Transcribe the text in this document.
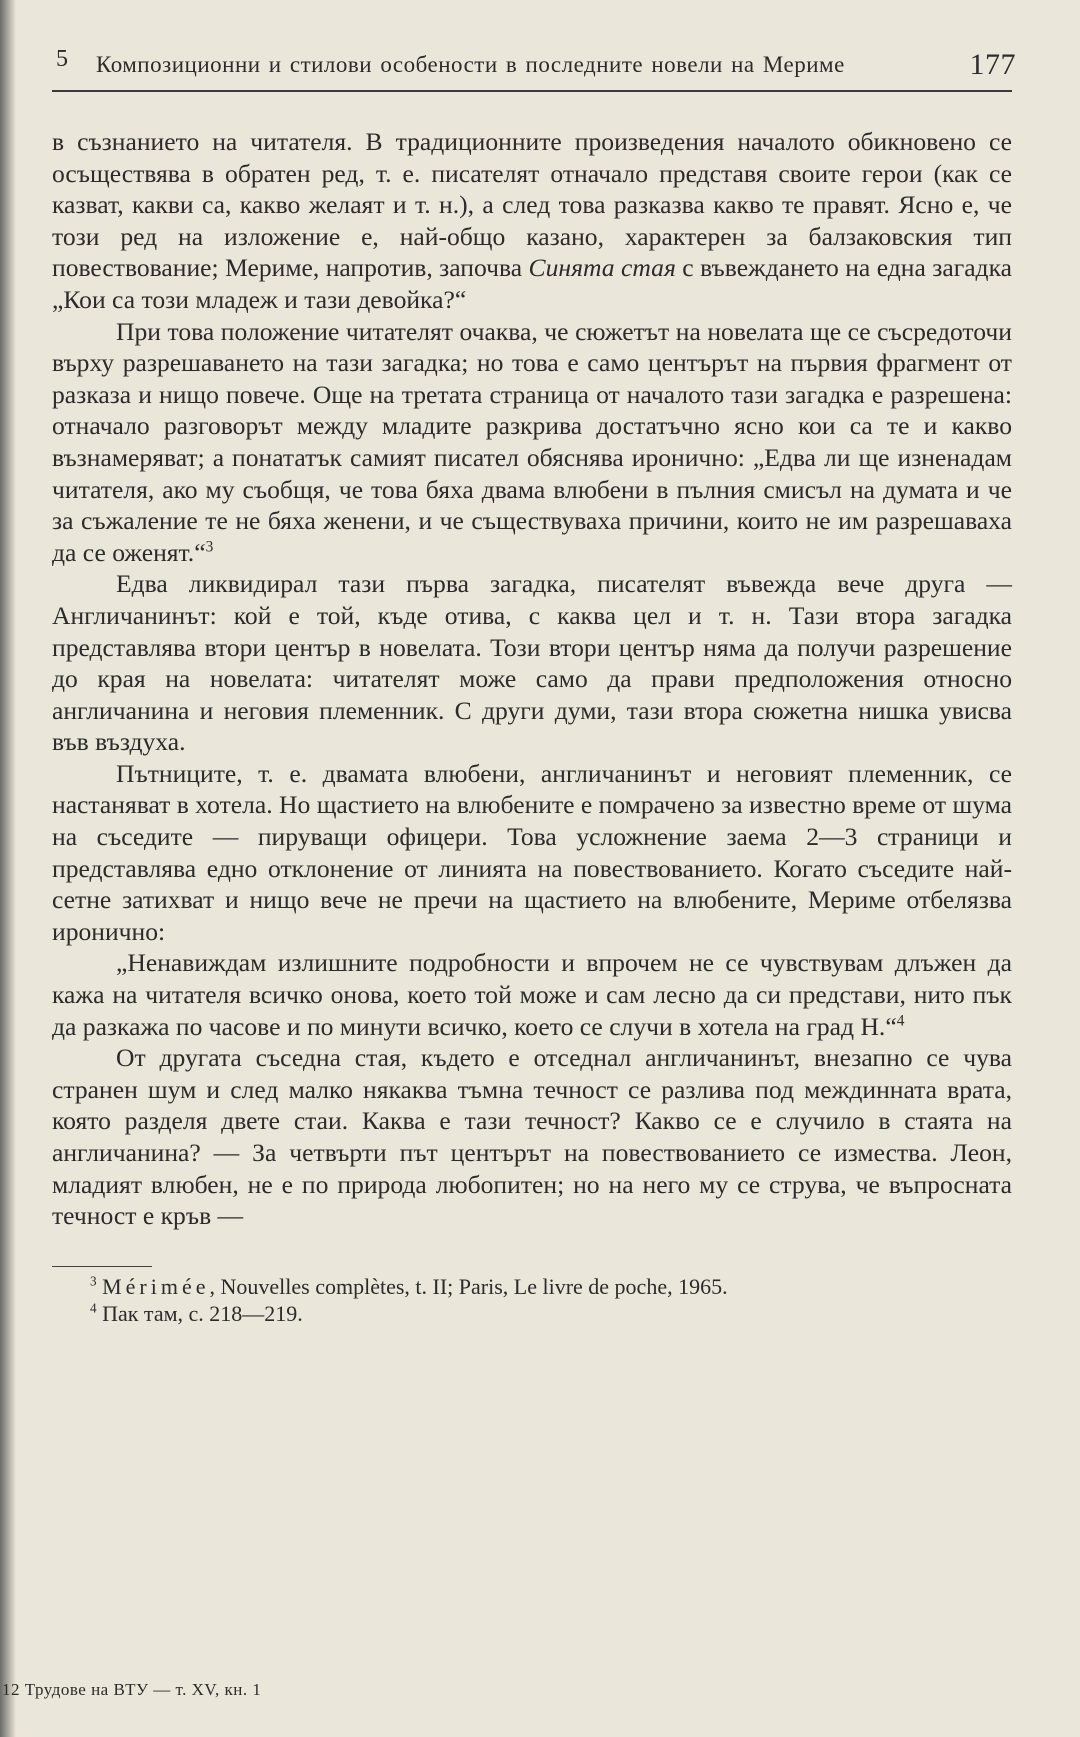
5 Композиционни и стилови особености в последните новели на Мериме	177

в съзнанието на читателя. В традиционните произведения началото обикновено се осъществява в обратен ред, т. е. писателят отначало представя своите герои (как се казват, какви са, какво желаят и т. н.), а след това разказва какво те правят. Ясно е, че този ред на изложение е, най-общо казано, характерен за балзаковския тип повествование; Мериме, напротив, започва Синята стая с въвеждането на една загадка „Кои са този младеж и тази девойка?“

При това положение читателят очаква, че сюжетът на новелата ще се съсредоточи върху разрешаването на тази загадка; но това е само центърът на първия фрагмент от разказа и нищо повече. Още на третата страница от началото тази загадка е разрешена: отначало разговорът между младите разкрива достатъчно ясно кои са те и какво възнамеряват; а понататък самият писател обяснява иронично: „Едва ли ще изненадам читателя, ако му съобщя, че това бяха двама влюбени в пълния смисъл на думата и че за съжаление те не бяха женени, и че съществуваха причини, които не им разрешаваха да се оженят.“$^3$

Едва ликвидирал тази първа загадка, писателят въвежда вече друга — Англичанинът: кой е той, къде отива, с каква цел и т. н. Тази втора загадка представлява втори център в новелата. Този втори център няма да получи разрешение до края на новелата: читателят може само да прави предположения относно англичанина и неговия племенник. С други думи, тази втора сюжетна нишка увисва във въздуха.

Пътниците, т. е. двамата влюбени, англичанинът и неговият племенник, се настаняват в хотела. Но щастието на влюбените е помрачено за известно време от шума на съседите — пируващи офицери. Това усложнение заема 2—3 страници и представлява едно отклонение от линията на повествованието. Когато съседите най-сетне затихват и нищо вече не пречи на щастието на влюбените, Мериме отбелязва иронично:

„Ненавиждам излишните подробности и впрочем не се чувствувам длъжен да кажа на читателя всичко онова, което той може и сам лесно да си представи, нито пък да разкажа по часове и по минути всичко, което се случи в хотела на град Н.“$^4$

От другата съседна стая, където е отседнал англичанинът, внезапно се чува странен шум и след малко някаква тъмна течност се разлива под междинната врата, която разделя двете стаи. Каква е тази течност? Какво се е случило в стаята на англичанина? — За четвърти път центърът на повествованието се измества. Леон, младият влюбен, не е по природа любопитен; но на него му се струва, че въпросната течност е кръв —

$^3$ Mérimée, Nouvelles complètes, t. II; Paris, Le livre de poche, 1965.
$^4$ Пак там, с. 218—219.
12 Трудове на ВТУ — т. XV, кн. 1
